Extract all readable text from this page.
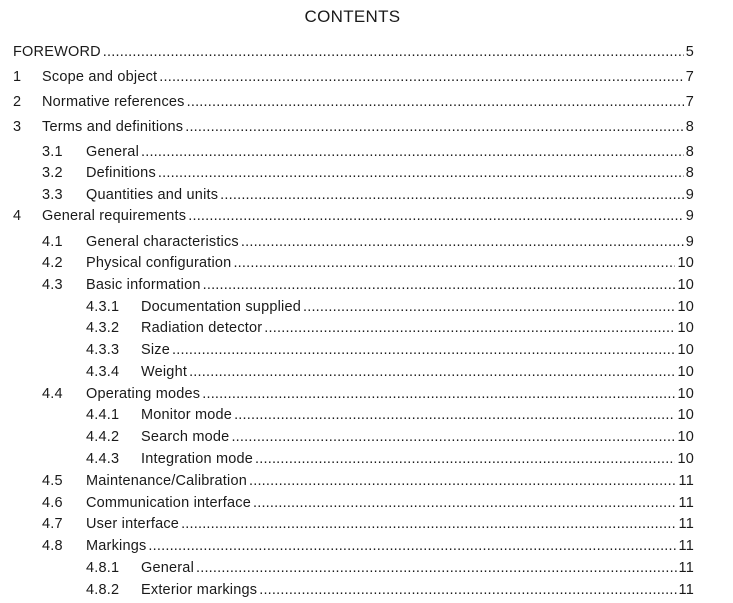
CONTENTS
FOREWORD .....	5
1 Scope and object .....	7
2 Normative references .....	7
3 Terms and definitions .....	8
3.1 General .....	8
3.2 Definitions .....	8
3.3 Quantities and units .....	9
4 General requirements .....	9
4.1 General characteristics .....	9
4.2 Physical configuration .....	10
4.3 Basic information .....	10
4.3.1 Documentation supplied .....	10
4.3.2 Radiation detector .....	10
4.3.3 Size .....	10
4.3.4 Weight .....	10
4.4 Operating modes .....	10
4.4.1 Monitor mode .....	10
4.4.2 Search mode .....	10
4.4.3 Integration mode .....	10
4.5 Maintenance/Calibration .....	11
4.6 Communication interface .....	11
4.7 User interface .....	11
4.8 Markings .....	11
4.8.1 General .....	11
4.8.2 Exterior markings .....	11
